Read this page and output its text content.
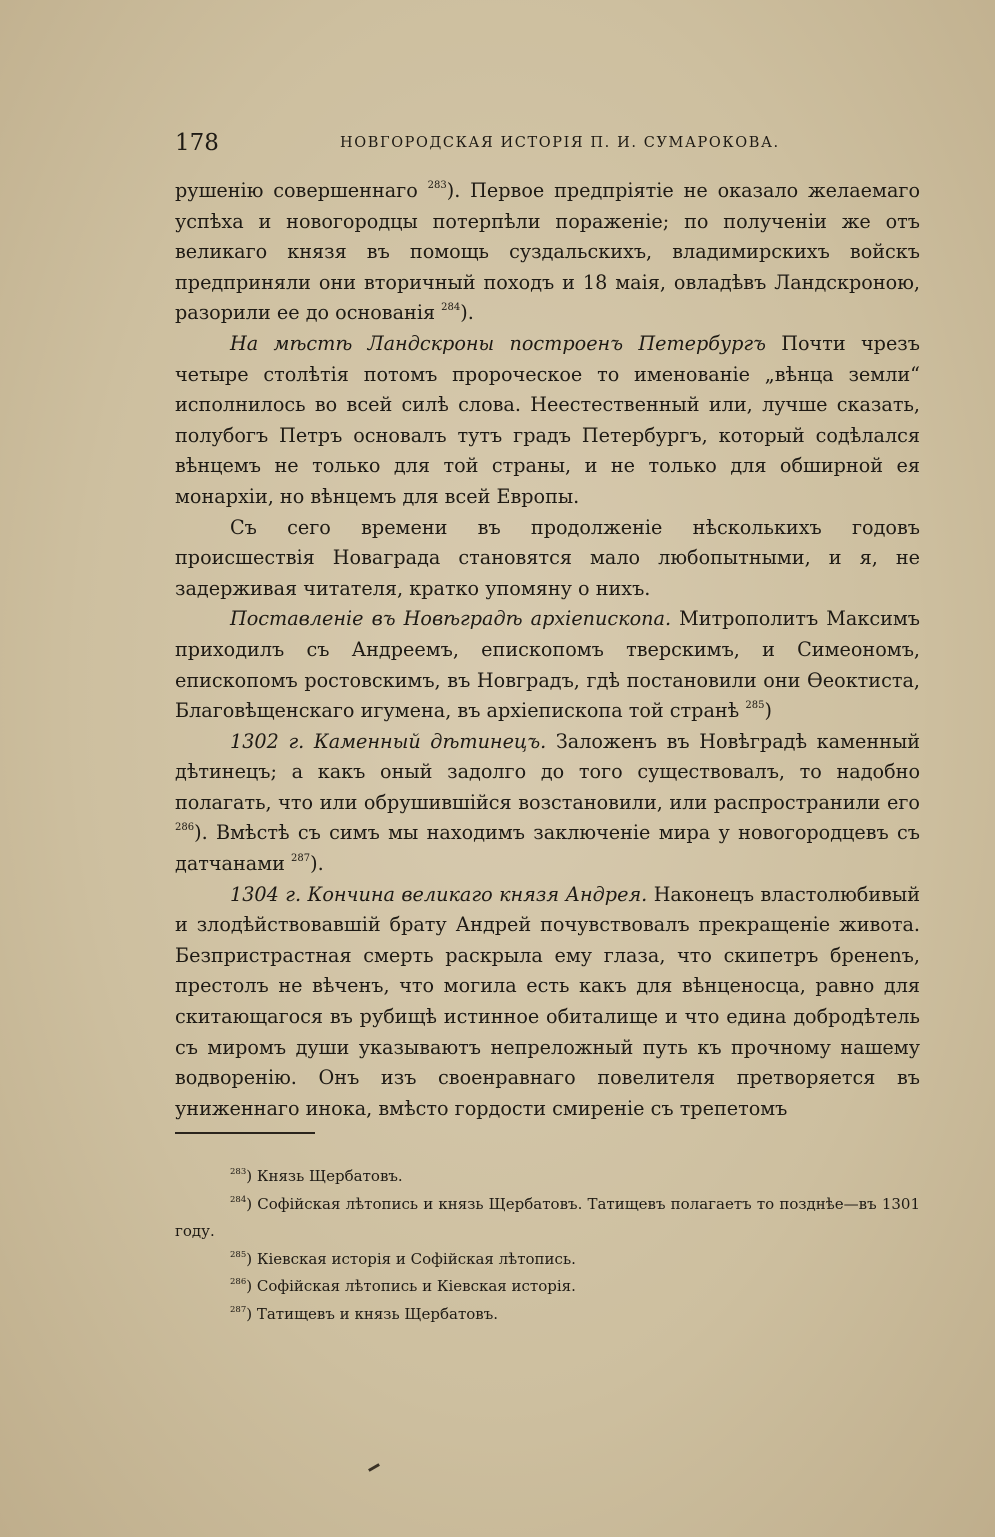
178	НОВГОРОДСКАЯ ИСТОРІЯ П. И. СУМАРОКОВА.

рушенію совершеннаго $^{283}$). Первое предпріятіе не оказало желаемаго успѣха и новогородцы потерпѣли пораженіе; по полученіи же отъ великаго князя въ помощь суздальскихъ, владимирскихъ войскъ предприняли они вторичный походъ и 18 маія, овладѣвъ Ландскроною, разорили ее до основанія $^{284}$).

На мѣстѣ Ландскроны построенъ Петербургъ Почти чрезъ четыре столѣтія потомъ пророческое то именованіе „вѣнца земли“ исполнилось во всей силѣ слова. Неестественный или, лучше сказать, полубогъ Петръ основалъ тутъ градъ Петербургъ, который содѣлался вѣнцемъ не только для той страны, и не только для обширной ея монархіи, но вѣнцемъ для всей Европы.

Съ сего времени въ продолженіе нѣсколькихъ годовъ происшествія Новаграда становятся мало любопытными, и я, не задерживая читателя, кратко упомяну о нихъ.

Поставленіе въ Новѣградѣ архіепископа. Митрополитъ Максимъ приходилъ съ Андреемъ, епископомъ тверскимъ, и Симеономъ, епископомъ ростовскимъ, въ Новградъ, гдѣ постановили они Ѳеоктиста, Благовѣщенскаго игумена, въ архіепископа той странѣ $^{285}$)

1302 г. Каменный дѣтинецъ. Заложенъ въ Новѣградѣ каменный дѣтинецъ; а какъ оный задолго до того существовалъ, то надобно полагать, что или обрушившійся возстановили, или распространили его $^{286}$). Вмѣстѣ съ симъ мы находимъ заключеніе мира у новогородцевъ съ датчанами $^{287}$).

1304 г. Кончина великаго князя Андрея. Наконецъ властолюбивый и злодѣйствовавшій брату Андрей почувствовалъ прекращеніе живота. Безпристрастная смерть раскрыла ему глаза, что скипетръ бренenъ, престолъ не вѣченъ, что могила есть какъ для вѣнценосца, равно для скитающагося въ рубищѣ истинное обиталище и что едина добродѣтель съ миромъ души указываютъ непреложный путь къ прочному нашему водворенію. Онъ изъ своенравнаго повелителя претворяется въ униженнаго инока, вмѣсто гордости смиреніе съ трепетомъ

$^{283}$) Князь Щербатовъ.

$^{284}$) Софійская лѣтопись и князь Щербатовъ. Татищевъ полагаетъ то позднѣе—въ 1301 году.

$^{285}$) Кіевская исторія и Софійская лѣтопись.

$^{286}$) Софійская лѣтопись и Кіевская исторія.

$^{287}$) Татищевъ и князь Щербатовъ.
